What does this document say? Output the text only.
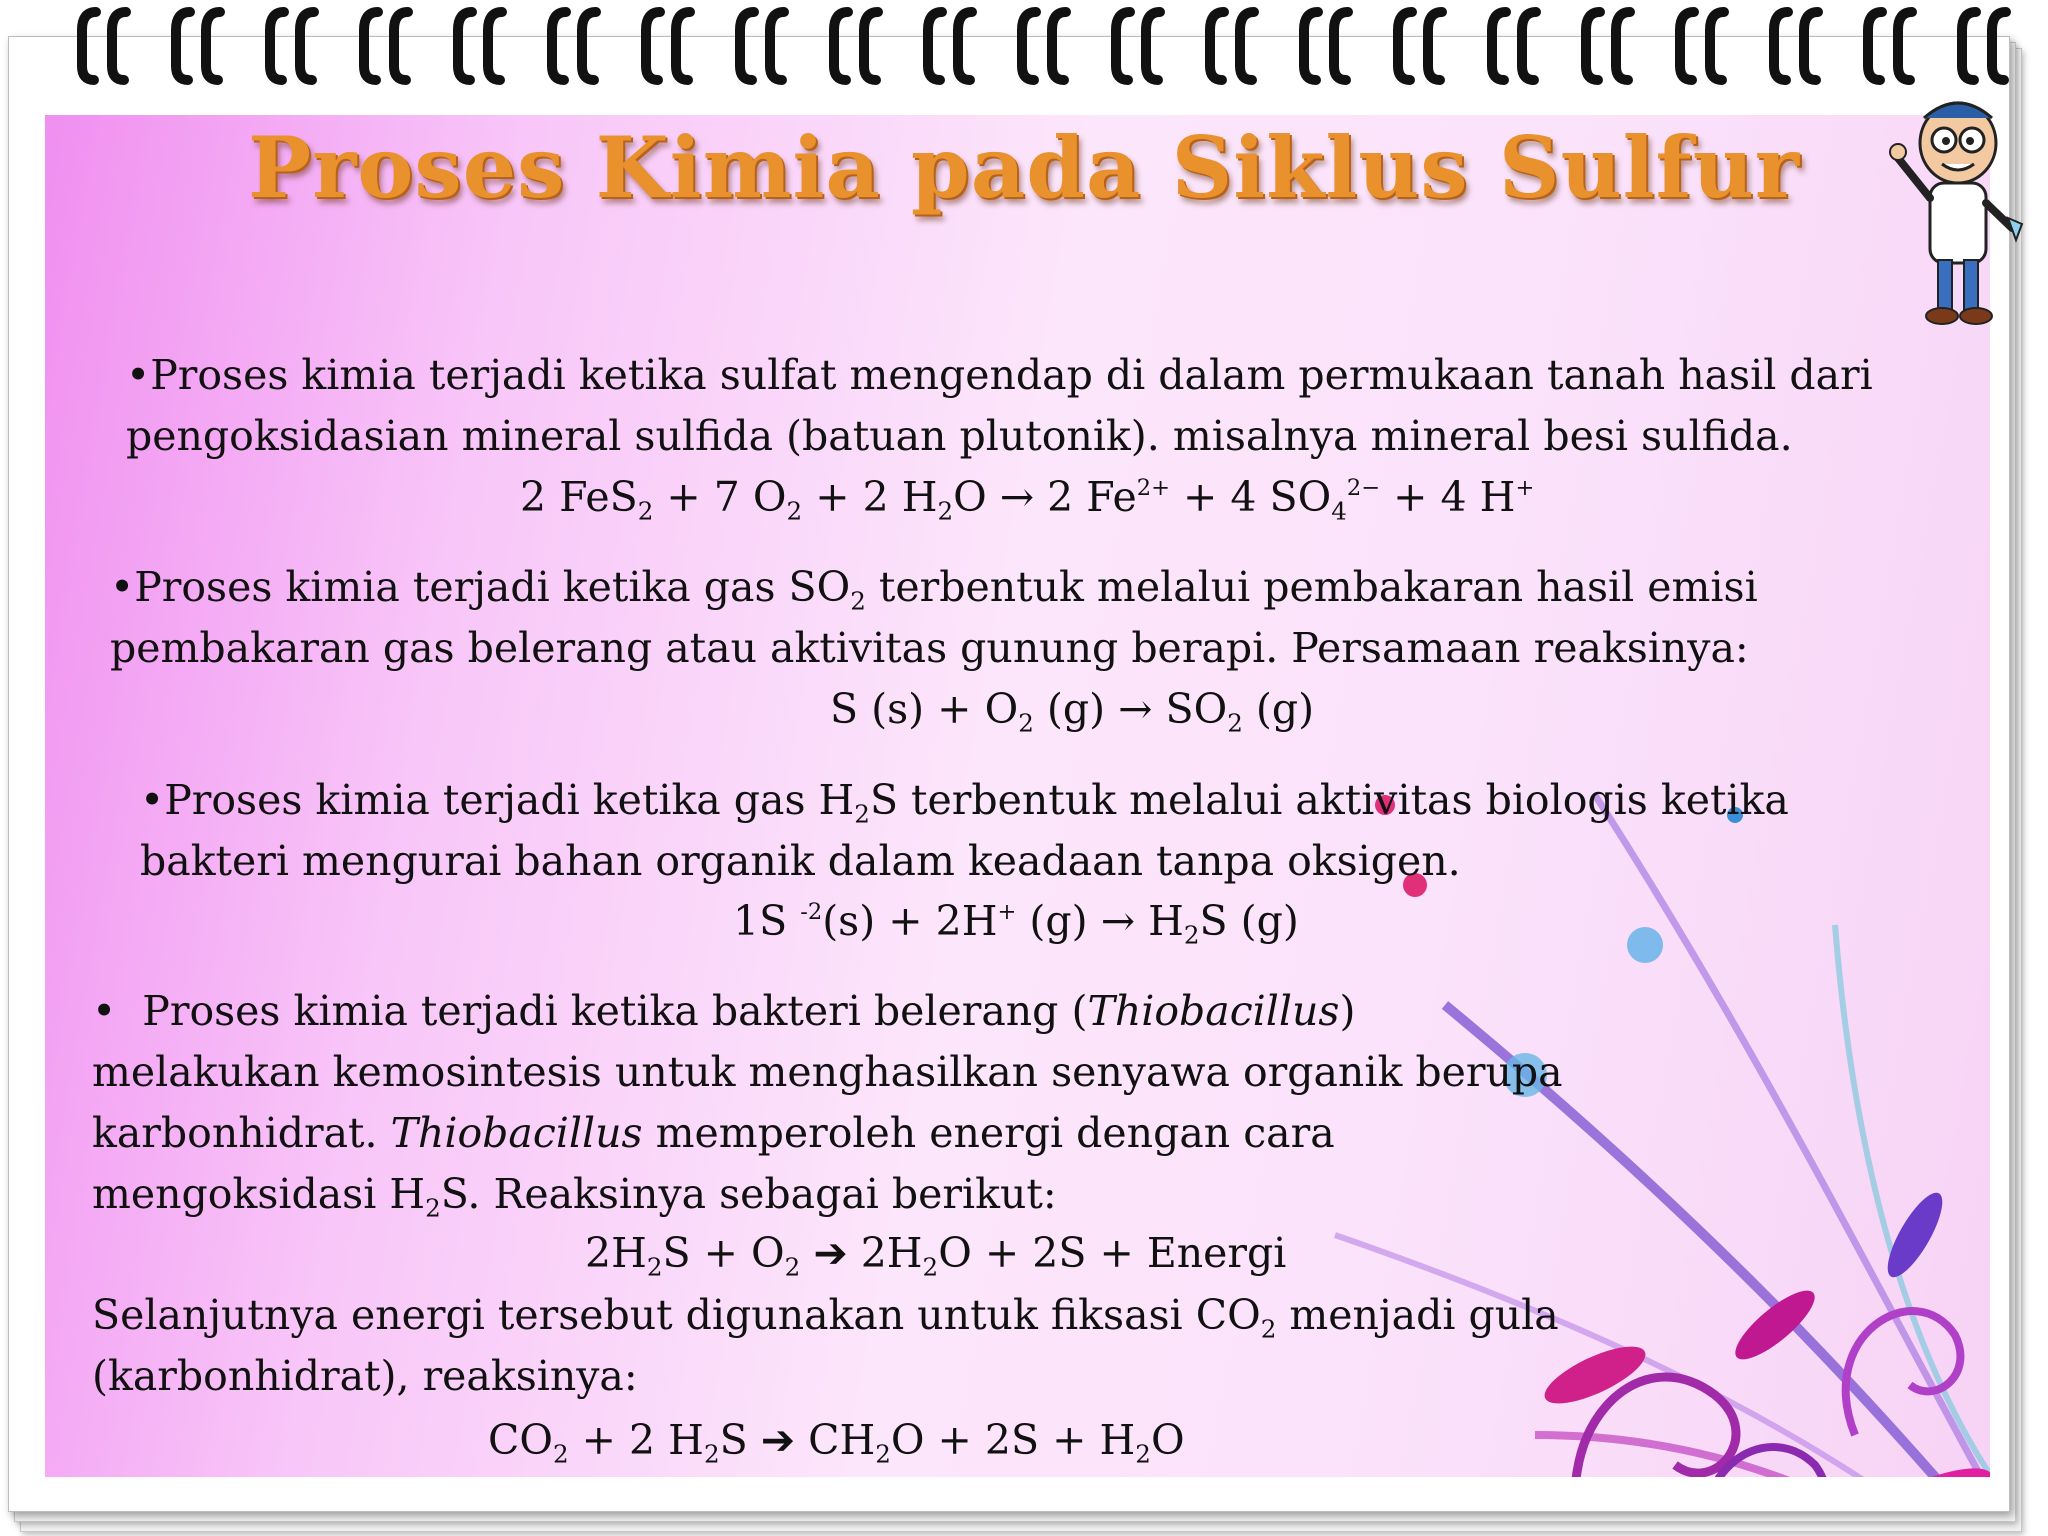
Proses Kimia pada Siklus Sulfur

•Proses kimia terjadi ketika sulfat mengendap di dalam permukaan tanah hasil dari
pengoksidasian mineral sulfida (batuan plutonik). misalnya mineral besi sulfida.

2 FeS$_2$ + 7 $O_2 + 2$ $H_2O \to 2$ $Fe^{2+} + 4$ $SO_4^{2-} + 4$ H+

•Proses kimia terjadi ketika gas $SO_2$ terbentuk melalui pembakaran hasil emisi
pembakaran gas belerang atau aktivitas gunung berapi. Persamaan reaksinya:

S $(s) + O_2$ $(g) \to SO_2$ (g)

•Proses kimia terjadi ketika gas $H_2S$ terbentuk melalui aktivitas biologis ketika
bakteri mengurai bahan organik dalam keadaan tanpa oksigen.

1S $^{-2}$(s) + 2H+ $(g) \to H_2S$ (g)

•  Proses kimia terjadi ketika bakteri belerang (Thiobacillus)
melakukan kemosintesis untuk menghasilkan senyawa organik berupa
karbonhidrat. Thiobacillus memperoleh energi dengan cara
mengoksidasi $H_2S$. Reaksinya sebagai berikut:

$2H_2S + O_2$ ➔ $2H_2O + 2S$ + Energi

Selanjutnya energi tersebut digunakan untuk fiksasi $CO_2$ menjadi gula
(karbonhidrat), reaksinya:

$CO_2 + 2$ $H_2S$ ➔ $CH_2O + 2S + H_2O$
